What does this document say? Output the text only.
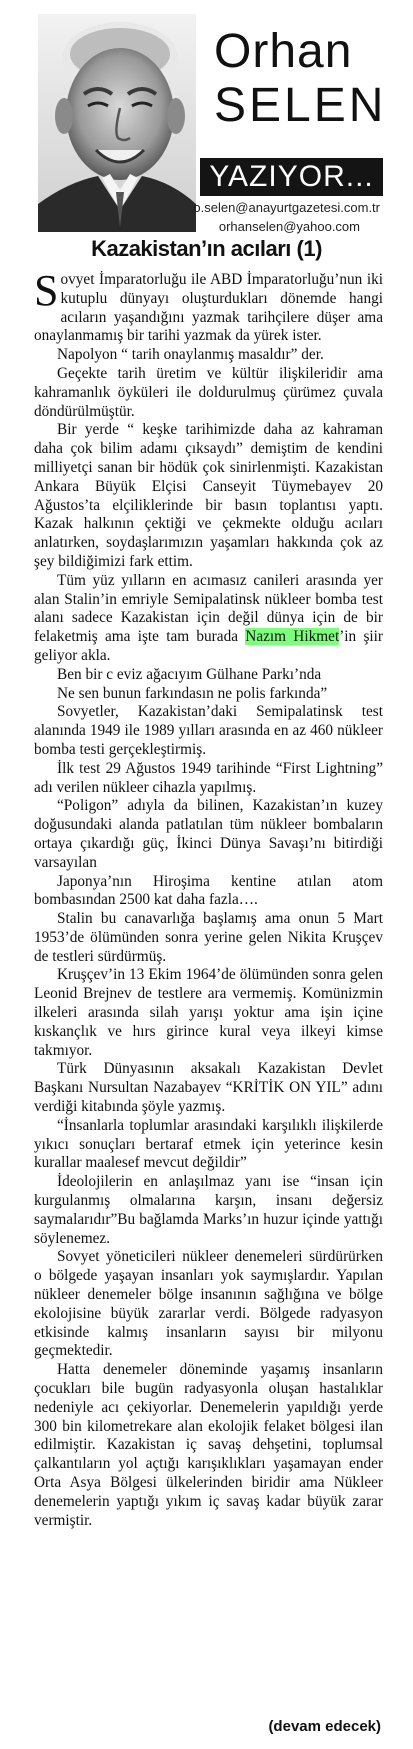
Orhan
SELEN
YAZIYOR...
o.selen@anayurtgazetesi.com.tr
orhanselen@yahoo.com
Kazakistan’ın acıları (1)

Sovyet İmparatorluğu ile ABD İmparatorluğu’nun iki kutuplu dünyayı oluşturdukları dönemde hangi acıların yaşandığını yazmak tarihçilere düşer ama onaylanmamış bir tarihi yazmak da yürek ister.

Napolyon “ tarih onaylanmış masaldır” der.

Geçekte tarih üretim ve kültür ilişkileridir ama kahramanlık öyküleri ile doldurulmuş çürümez çuvala döndürülmüştür.

Bir yerde “ keşke tarihimizde daha az kahraman daha çok bilim adamı çıksaydı” demiştim de kendini milliyetçi sanan bir hödük çok sinirlenmişti. Kazakistan Ankara Büyük Elçisi Canseyit Tüymebayev 20 Ağustos’ta elçiliklerinde bir basın toplantısı yaptı. Kazak halkının çektiği ve çekmekte olduğu acıları anlatırken, soydaşlarımızın yaşamları hakkında çok az şey bildiğimizi fark ettim.

Tüm yüz yılların en acımasız canileri arasında yer alan Stalin’in emriyle Semipalatinsk nükleer bomba test alanı sadece Kazakistan için değil dünya için de bir felaketmiş ama işte tam burada Nazım Hikmet’in şiir geliyor akla.

Ben bir c eviz ağacıyım Gülhane Parkı’nda

Ne sen bunun farkındasın ne polis farkında”

Sovyetler, Kazakistan’daki Semipalatinsk test alanında 1949 ile 1989 yılları arasında en az 460 nükleer bomba testi gerçekleştirmiş.

İlk test 29 Ağustos 1949 tarihinde “First Lightning” adı verilen nükleer cihazla yapılmış.

“Poligon” adıyla da bilinen, Kazakistan’ın kuzey doğusundaki alanda patlatılan tüm nükleer bombaların ortaya çıkardığı güç, İkinci Dünya Savaşı’nı bitirdiği varsayılan

Japonya’nın Hiroşima kentine atılan atom bombasından 2500 kat daha fazla….

Stalin bu canavarlığa başlamış ama onun 5 Mart 1953’de ölümünden sonra yerine gelen Nikita Kruşçev de testleri sürdürmüş.

Kruşçev’in 13 Ekim 1964’de ölümünden sonra gelen Leonid Brejnev de testlere ara vermemiş. Komünizmin ilkeleri arasında silah yarışı yoktur ama işin içine kıskançlık ve hırs girince kural veya ilkeyi kimse takmıyor.

Türk Dünyasının aksakalı Kazakistan Devlet Başkanı Nursultan Nazabayev “KRİTİK ON YIL” adını verdiği kitabında şöyle yazmış.

“İnsanlarla toplumlar arasındaki karşılıklı ilişkilerde yıkıcı sonuçları bertaraf etmek için yeterince kesin kurallar maalesef mevcut değildir”

İdeolojilerin en anlaşılmaz yanı ise “insan için kurgulanmış olmalarına karşın, insanı değersiz saymalarıdır”Bu bağlamda Marks’ın huzur içinde yattığı söylenemez.

Sovyet yöneticileri nükleer denemeleri sürdürürken o bölgede yaşayan insanları yok saymışlardır. Yapılan nükleer denemeler bölge insanının sağlığına ve bölge ekolojisine büyük zararlar verdi. Bölgede radyasyon etkisinde kalmış insanların sayısı bir milyonu geçmektedir.

Hatta denemeler döneminde yaşamış insanların çocukları bile bugün radyasyonla oluşan hastalıklar nedeniyle acı çekiyorlar. Denemelerin yapıldığı yerde 300 bin kilometrekare alan ekolojik felaket bölgesi ilan edilmiştir. Kazakistan iç savaş dehşetini, toplumsal çalkantıların yol açtığı karışıklıkları yaşamayan ender Orta Asya Bölgesi ülkelerinden biridir ama Nükleer denemelerin yaptığı yıkım iç savaş kadar büyük zarar vermiştir.

(devam edecek)
